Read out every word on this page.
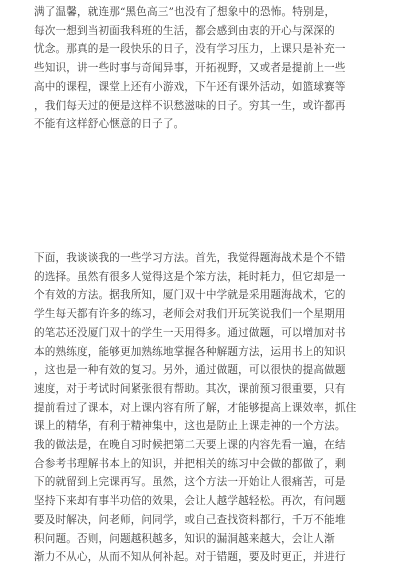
满了温馨，就连那“黑色高三”也没有了想象中的恐怖。特别是，
每次一想到当初面我科班的生活，都会感到由衷的开心与深深的
忧念。那真的是一段快乐的日子，没有学习压力，上课只是补充一
些知识，讲一些时事与奇闻异事，开拓视野，又或者是提前上一些
高中的课程，课堂上还有小游戏，下午还有课外活动，如篮球赛等
，我们每天过的便是这样不识愁滋味的日子。穷其一生，或许都再
不能有这样舒心惬意的日子了。

下面，我谈谈我的一些学习方法。首先，我觉得题海战术是个不错
的选择。虽然有很多人觉得这是个笨方法，耗时耗力，但它却是一
个有效的方法。据我所知，厦门双十中学就是采用题海战术，它的
学生每天都有许多的练习，老师会对我们开玩笑说我们一个星期用
的笔芯还没厦门双十的学生一天用得多。通过做题，可以增加对书
本的熟练度，能够更加熟练地掌握各种解题方法，运用书上的知识
，这也是一种有效的复习。另外，通过做题，可以很快的提高做题
速度，对于考试时间紧张很有帮助。其次，课前预习很重要，只有
提前看过了课本，对上课内容有所了解，才能够提高上课效率，抓住
课上的精华，有利于精神集中，这也是防止上课走神的一个方法。
我的做法是，在晚自习时候把第二天要上课的内容先看一遍，在结
合参考书理解书本上的知识，并把相关的练习中会做的都做了，剩
下的就留到上完课再写。虽然，这个方法一开始让人很痛苦，可是
坚持下来却有事半功倍的效果，会让人越学越轻松。再次，有问题
要及时解决，问老师，问同学，或自己查找资料都行，千万不能堆
积问题。否则，问题越积越多，知识的漏洞越来越大，会让人渐
渐力不从心，从而不知从何补起。对于错题，要及时更正，并进行
